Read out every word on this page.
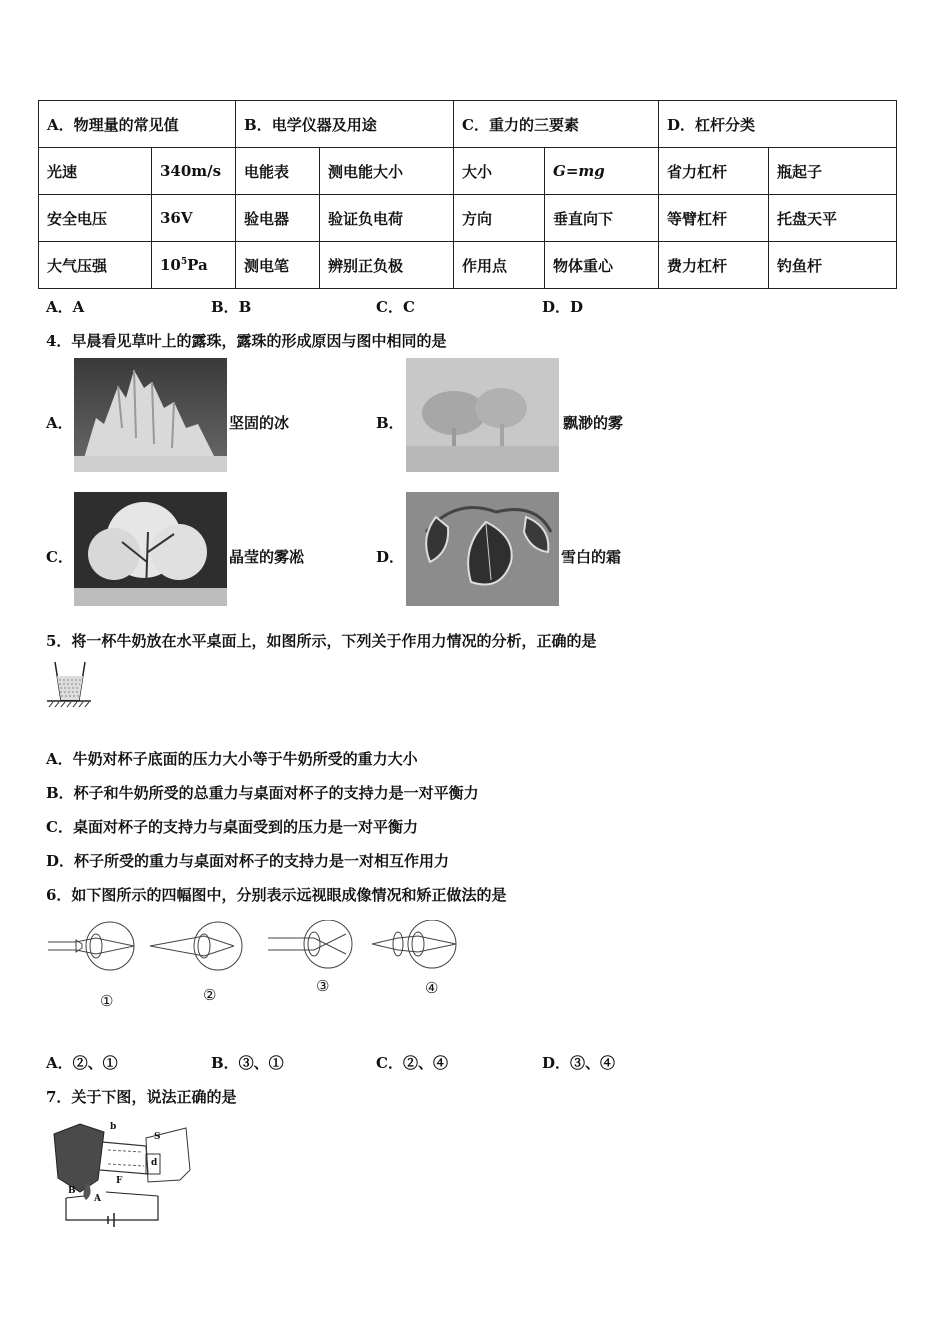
A．物理量的常见值		B．电学仪器及用途		C．重力的三要素		D．杠杆分类	
光速	340m/s	电能表	测电能大小	大小	G=mg	省力杠杆	瓶起子
安全电压	36V	验电器	验证负电荷	方向	垂直向下	等臂杠杆	托盘天平
大气压强	$10^5Pa$	测电笔	辨别正负极	作用点	物体重心	费力杠杆	钓鱼杆
A．A	B．B	C．C	D．D
4．早晨看见草叶上的露珠，露珠的形成原因与图中相同的是
A．	坚固的冰	B．	飘渺的雾
C．	晶莹的雾凇	D．	雪白的霜
5．将一杯牛奶放在水平桌面上，如图所示，下列关于作用力情况的分析，正确的是
A．牛奶对杯子底面的压力大小等于牛奶所受的重力大小
B．杯子和牛奶所受的总重力与桌面对杯子的支持力是一对平衡力
C．桌面对杯子的支持力与桌面受到的压力是一对平衡力
D．杯子所受的重力与桌面对杯子的支持力是一对相互作用力
6．如下图所示的四幅图中，分别表示远视眼成像情况和矫正做法的是
①	②	③	④
A．②、①	B．③、①	C．②、④	D．③、④
7．关于下图，说法正确的是
b
S
d
B
A
F
